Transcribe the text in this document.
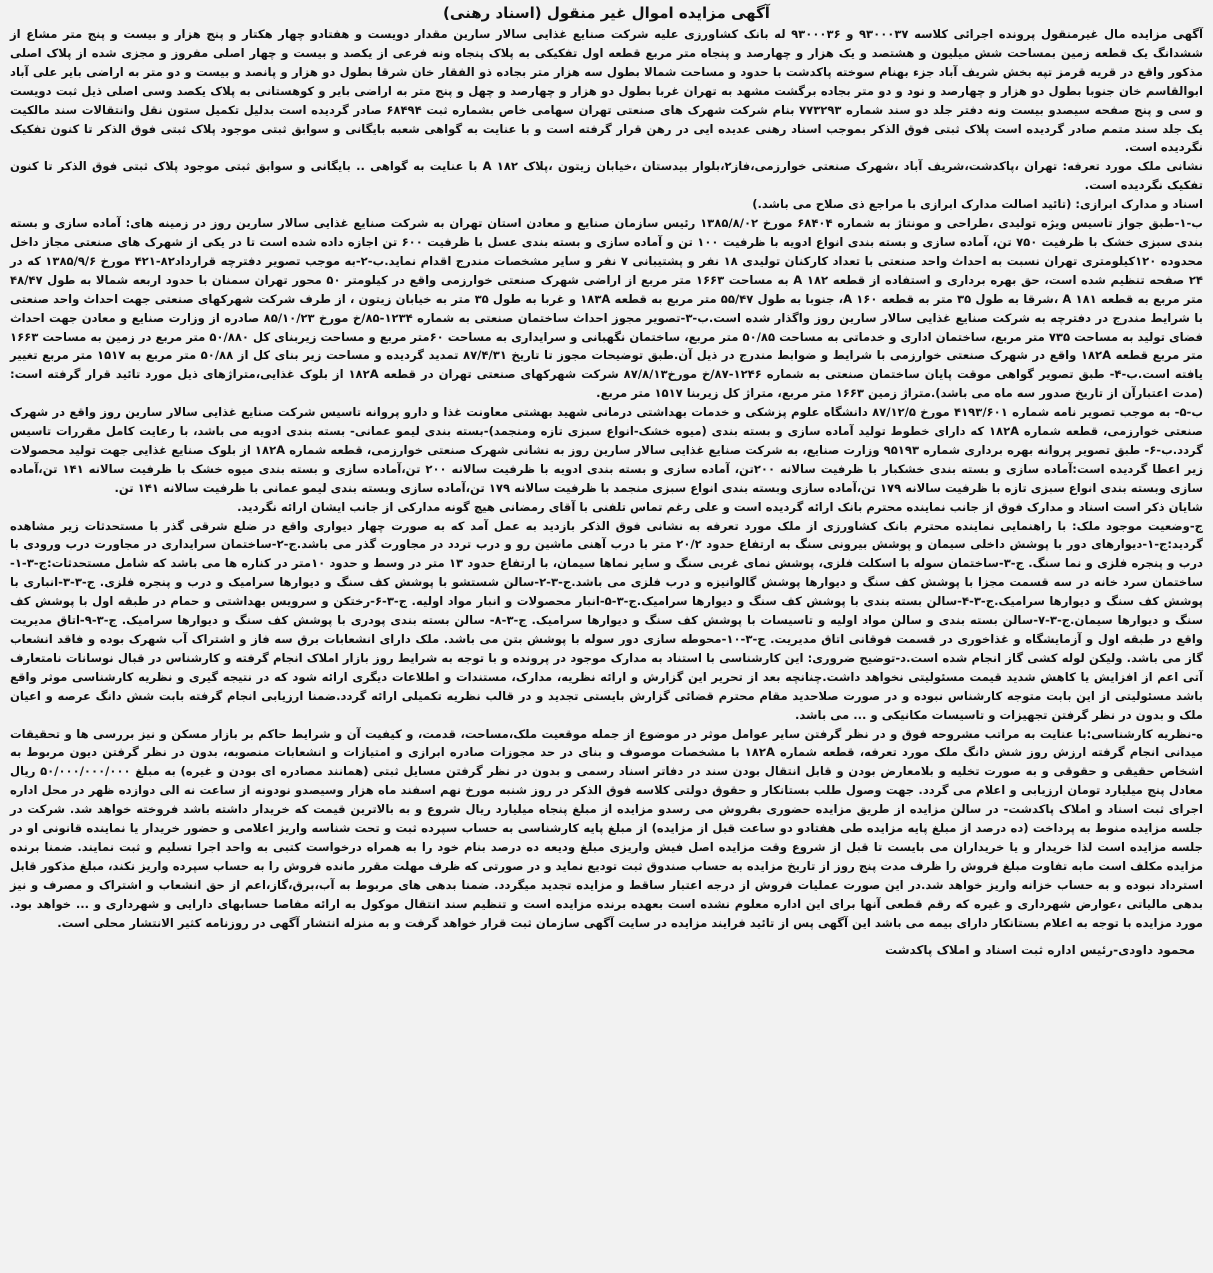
آگهی مزایده اموال غیر منقول (اسناد رهنی)

آگهی مزایده مال غیرمنقول پرونده اجرائی کلاسه ۹۳۰۰۰۳۷ و ۹۳۰۰۰۳۶ له بانک کشاورزی علیه شرکت صنایع غذایی سالار سارین مقدار دویست و هفتادو چهار هکتار و پنج هزار و بیست و پنج متر مشاع از ششدانگ یک قطعه زمین بمساحت شش میلیون و هشتصد و یک هزار و چهارصد و پنجاه متر مربع قطعه اول تفکیکی به پلاک پنجاه ونه فرعی از یکصد و بیست و چهار اصلی مفروز و مجزی شده از پلاک اصلی مذکور واقع در قریه قرمز تپه بخش شریف آباد جزء بهنام سوخته پاکدشت با حدود و مساحت شمالا بطول سه هزار متر بجاده ذو الفقار خان شرقا بطول دو هزار و پانصد و بیست و دو متر به اراضی بایر علی آباد ابوالقاسم خان جنوبا بطول دو هزار و چهارصد و نود و دو متر بجاده برگشت مشهد به تهران غربا بطول دو هزار و چهارصد و چهل و پنج متر به اراضی بایر و کوهستانی به پلاک یکصد وسی اصلی ذیل ثبت دویست و سی و پنج صفحه سیصدو بیست ونه دفتر جلد دو سند شماره ۷۷۳۲۹۳ بنام شرکت شهرک های صنعتی تهران سهامی خاص بشماره ثبت ۶۸۴۹۴ صادر گردیده است بدلیل تکمیل ستون نقل وانتقالات سند مالکیت یک جلد سند متمم صادر گردیده است پلاک ثبتی فوق الذکر بموجب اسناد رهنی عدیده ایی در رهن قرار گرفته است و با عنایت به گواهی شعبه بایگانی و سوابق ثبتی موجود پلاک ثبتی فوق الذکر تا کنون تفکیک نگردیده است.

نشانی ملک مورد تعرفه: تهران ،پاکدشت،شریف آباد ،شهرک صنعتی خوارزمی،فاز۲،بلوار بیدستان ،خیابان زیتون ،پلاک ۱۸۲ A با عنایت به گواهی .. بایگانی و سوابق ثبتی موجود پلاک ثبتی فوق الذکر تا کنون تفکیک نگردیده است.

اسناد و مدارک ابرازی: (تائید اصالت مدارک ابرازی با مراجع ذی صلاح می باشد.)

ب-۱-طبق جواز تاسیس ویژه تولیدی ،طراحی و مونتاژ به شماره ۶۸۴۰۴ مورخ ۱۳۸۵/۸/۰۲ رئیس سازمان صنایع و معادن استان تهران به شرکت صنایع غذایی سالار سارین روز در زمینه های: آماده سازی و بسته بندی سبزی خشک با ظرفیت ۷۵۰ تن، آماده سازی و بسته بندی انواع ادویه با ظرفیت ۱۰۰ تن و آماده سازی و بسته بندی عسل با ظرفیت ۶۰۰ تن اجازه داده شده است تا در یکی از شهرک های صنعتی مجاز داخل محدوده ۱۲۰کیلومتری تهران نسبت به احداث واحد صنعتی با تعداد کارکنان تولیدی ۱۸ نفر و پشتیبانی ۷ نفر و سایر مشخصات مندرج اقدام نماید.ب-۲-به موجب تصویر دفترچه قرارداد۸۲-۴۲۱ مورخ ۱۳۸۵/۹/۶ که در ۲۴ صفحه تنظیم شده است، حق بهره برداری و استفاده از قطعه ۱۸۲ A به مساحت ۱۶۶۳ متر مربع از اراضی شهرک صنعتی خوارزمی واقع در کیلومتر ۵۰ محور تهران سمنان با حدود اربعه شمالا به طول ۴۸/۴۷ متر مربع به قطعه ۱۸۱ A ،شرقا به طول ۳۵ متر به قطعه ۱۶۰ A، جنوبا به طول ۵۵/۴۷ متر مربع به قطعه ۱۸۳A و غربا به طول ۳۵ متر به خیابان زیتون ، از طرف شرکت شهرکهای صنعتی جهت احداث واحد صنعتی با شرایط مندرج در دفترچه به شرکت صنایع غذایی سالار سارین روز واگذار شده است.ب-۳-تصویر مجوز احداث ساختمان صنعتی به شماره ۱۲۳۴-۸۵/خ مورخ ۸۵/۱۰/۲۳ صادره از وزارت صنایع و معادن جهت احداث فضای تولید به مساحت ۷۳۵ متر مربع، ساختمان اداری و خدماتی به مساحت ۵۰/۸۵ متر مربع، ساختمان نگهبانی و سرایداری به مساحت ۶۰متر مربع و مساحت زیربنای کل ۵۰/۸۸۰ متر مربع در زمین به مساحت ۱۶۶۳ متر مربع قطعه ۱۸۲A واقع در شهرک صنعتی خوارزمی با شرایط و ضوابط مندرج در ذیل آن.طبق توضیحات مجوز تا تاریخ ۸۷/۴/۳۱ تمدید گردیده و مساحت زیر بنای کل از ۵۰/۸۸ متر مربع به ۱۵۱۷ متر مربع تغییر یافته است.ب-۴- طبق تصویر گواهی موقت پایان ساختمان صنعتی به شماره ۱۲۴۶-۸۷/خ مورخ۸۷/۸/۱۳ شرکت شهرکهای صنعتی تهران در قطعه ۱۸۲A از بلوک غذایی،متراژهای ذیل مورد تائید قرار گرفته است: (مدت اعتبارآن از تاریخ صدور سه ماه می باشد).متراژ زمین ۱۶۶۳ متر مربع، متراژ کل زیربنا ۱۵۱۷ متر مربع.

ب-۵- به موجب تصویر نامه شماره ۴۱۹۳/۶۰۱ مورخ ۸۷/۱۲/۵ دانشگاه علوم پزشکی و خدمات بهداشتی درمانی شهید بهشتی معاونت غذا و دارو پروانه تاسیس شرکت صنایع غذایی سالار سارین روز واقع در شهرک صنعتی خوارزمی، قطعه شماره ۱۸۲A که دارای خطوط تولید آماده سازی و بسته بندی (میوه خشک-انواع سبزی تازه ومنجمد)-بسته بندی لیمو عمانی- بسته بندی ادویه می باشد، با رعایت کامل مقررات تاسیس گردد.ب-۶- طبق تصویر پروانه بهره برداری شماره ۹۵۱۹۳ وزارت صنایع، به شرکت صنایع غذایی سالار سارین روز به نشانی شهرک صنعتی خوارزمی، قطعه شماره ۱۸۲A از بلوک صنایع غذایی جهت تولید محصولات زیر اعطا گردیده است:آماده سازی و بسته بندی خشکبار با ظرفیت سالانه ۲۰۰تن، آماده سازی و بسته بندی ادویه با ظرفیت سالانه ۲۰۰ تن،آماده سازی و بسته بندی میوه خشک با ظرفیت سالانه ۱۴۱ تن،آماده سازی وبسته بندی انواع سبزی تازه با ظرفیت سالانه ۱۷۹ تن،آماده سازی وبسته بندی انواع سبزی منجمد با ظرفیت سالانه ۱۷۹ تن،آماده سازی وبسته بندی لیمو عمانی با ظرفیت سالانه ۱۴۱ تن.

شایان ذکر است اسناد و مدارک فوق از جانب نماینده محترم بانک ارائه گردیده است و علی رغم تماس تلفنی با آقای رمضانی هیچ گونه مدارکی از جانب ایشان ارائه نگردید.

ج-وضعیت موجود ملک: با راهنمایی نماینده محترم بانک کشاورزی از ملک مورد تعرفه به نشانی فوق الذکر بازدید به عمل آمد که به صورت چهار دیواری واقع در ضلع شرقی گذر با مستحدثات زیر مشاهده گردید:ج-۱-دیوارهای دور با پوشش داخلی سیمان و پوشش بیرونی سنگ به ارتفاع حدود ۲۰/۲ متر با درب آهنی ماشین رو و درب تردد در مجاورت گذر می باشد.ج-۲-ساختمان سرایداری در مجاورت درب ورودی با درب و پنجره فلزی و نما سنگ. ج-۳-ساختمان سوله با اسکلت فلزی، پوشش نمای غربی سنگ و سایر نماها سیمان، با ارتفاع حدود ۱۳ متر در وسط و حدود ۱۰متر در کناره ها می باشد که شامل مستحدثات:ج-۳-۱- ساختمان سرد خانه در سه قسمت مجزا با پوشش کف سنگ و دیوارها پوشش گالوانیزه و درب فلزی می باشد.ج-۳-۲-سالن شستشو با پوشش کف سنگ و دیوارها سرامیک و درب و پنجره فلزی. ج-۳-۳-انباری با پوشش کف سنگ و دیوارها سرامیک.ج-۳-۴-سالن بسته بندی با پوشش کف سنگ و دیوارها سرامیک.ج-۳-۵-انبار محصولات و انبار مواد اولیه. ج-۳-۶-رختکن و سرویس بهداشتی و حمام در طبقه اول با پوشش کف سنگ و دیوارها سیمان.ج-۳-۷-سالن بسته بندی و سالن مواد اولیه و تاسیسات با پوشش کف سنگ و دیوارها سرامیک. ج-۳-۸- سالن بسته بندی پودری با پوشش کف سنگ و دیوارها سرامیک. ج-۳-۹-اتاق مدیریت واقع در طبقه اول و آزمایشگاه و غذاخوری در قسمت فوقانی اتاق مدیریت. ج-۳-۱۰-محوطه سازی دور سوله با پوشش بتن می باشد. ملک دارای انشعابات برق سه فاز و اشتراک آب شهرک بوده و فاقد انشعاب گاز می باشد. ولیکن لوله کشی گاز انجام شده است.د-توضیح ضروری: این کارشناسی با استناد به مدارک موجود در پرونده و با توجه به شرایط روز بازار املاک انجام گرفته و کارشناس در قبال نوسانات نامتعارف آتی اعم از افزایش یا کاهش شدید قیمت مسئولیتی نخواهد داشت.چنانچه بعد از تحریر این گزارش و ارائه نظریه، مدارک، مستندات و اطلاعات دیگری ارائه شود که در نتیجه گیری و نظریه کارشناسی موثر واقع باشد مسئولیتی از این بابت متوجه کارشناس نبوده و در صورت صلاحدید مقام محترم قضائی گزارش بایستی تجدید و در قالب نظریه تکمیلی ارائه گردد.ضمنا ارزیابی انجام گرفته بابت شش دانگ عرصه و اعیان ملک و بدون در نظر گرفتن تجهیزات و تاسیسات مکانیکی و ... می باشد.

ه-نظریه کارشناسی:با عنایت به مراتب مشروحه فوق و در نظر گرفتن سایر عوامل موثر در موضوع از جمله موقعیت ملک،مساحت، قدمت، و کیفیت آن و شرایط حاکم بر بازار مسکن و نیز بررسی ها و تحقیقات میدانی انجام گرفته ارزش روز شش دانگ ملک مورد تعرفه، قطعه شماره ۱۸۲A با مشخصات موصوف و بنای در حد مجوزات صادره ابرازی و امتیازات و انشعابات منصوبه، بدون در نظر گرفتن دیون مربوط به اشخاص حقیقی و حقوقی و به صورت تخلیه و بلامعارض بودن و قابل انتقال بودن سند در دفاتر اسناد رسمی و بدون در نظر گرفتن مسایل ثبتی (همانند مصادره ای بودن و غیره) به مبلغ ۵۰/۰۰۰/۰۰۰/۰۰۰ ریال معادل پنج میلیارد تومان ارزیابی و اعلام می گردد. جهت وصول طلب بستانکار و حقوق دولتی کلاسه فوق الذکر در روز شنبه مورخ نهم اسفند ماه هزار وسیصدو نودونه از ساعت نه الی دوازده ظهر در محل اداره اجرای ثبت اسناد و املاک پاکدشت- در سالن مزایده از طریق مزایده حضوری بفروش می رسدو مزایده از مبلغ پنجاه میلیارد ریال شروع و به بالاترین قیمت که خریدار داشته باشد فروخته خواهد شد. شرکت در جلسه مزایده منوط به پرداخت (ده درصد از مبلغ پایه مزایده طی هفتادو دو ساعت قبل از مزایده) از مبلغ پایه کارشناسی به حساب سپرده ثبت و تحت شناسه واریز اعلامی و حضور خریدار یا نماینده قانونی او در جلسه مزایده است لذا خریدار و یا خریداران می بایست تا قبل از شروع وقت مزایده اصل فیش واریزی مبلغ ودیعه ده درصد بنام خود را به همراه درخواست کتبی به واحد اجرا تسلیم و ثبت نمایند. ضمنا برنده مزایده مکلف است مابه تفاوت مبلغ فروش را ظرف مدت پنج روز از تاریخ مزایده به حساب صندوق ثبت تودیع نماید و در صورتی که ظرف مهلت مقرر مانده فروش را به حساب سپرده واریز نکند، مبلغ مذکور قابل استرداد نبوده و به حساب خزانه واریز خواهد شد.در این صورت عملیات فروش از درجه اعتبار ساقط و مزایده تجدید میگردد. ضمنا بدهی های مربوط به آب،برق،گاز،اعم از حق انشعاب و اشتراک و مصرف و نیز بدهی مالیاتی ،عوارض شهرداری و غیره که رقم قطعی آنها برای این اداره معلوم نشده است بعهده برنده مزایده است و تنظیم سند انتقال موکول به ارائه مفاصا حسابهای دارایی و شهرداری و ... خواهد بود. مورد مزایده با توجه به اعلام بستانکار دارای بیمه می باشد این آگهی پس از تائید فرایند مزایده در سایت آگهی سازمان ثبت قرار خواهد گرفت و به منزله انتشار آگهی در روزنامه کثیر الانتشار محلی است.

محمود داودی-رئیس اداره ثبت اسناد و املاک پاکدشت
